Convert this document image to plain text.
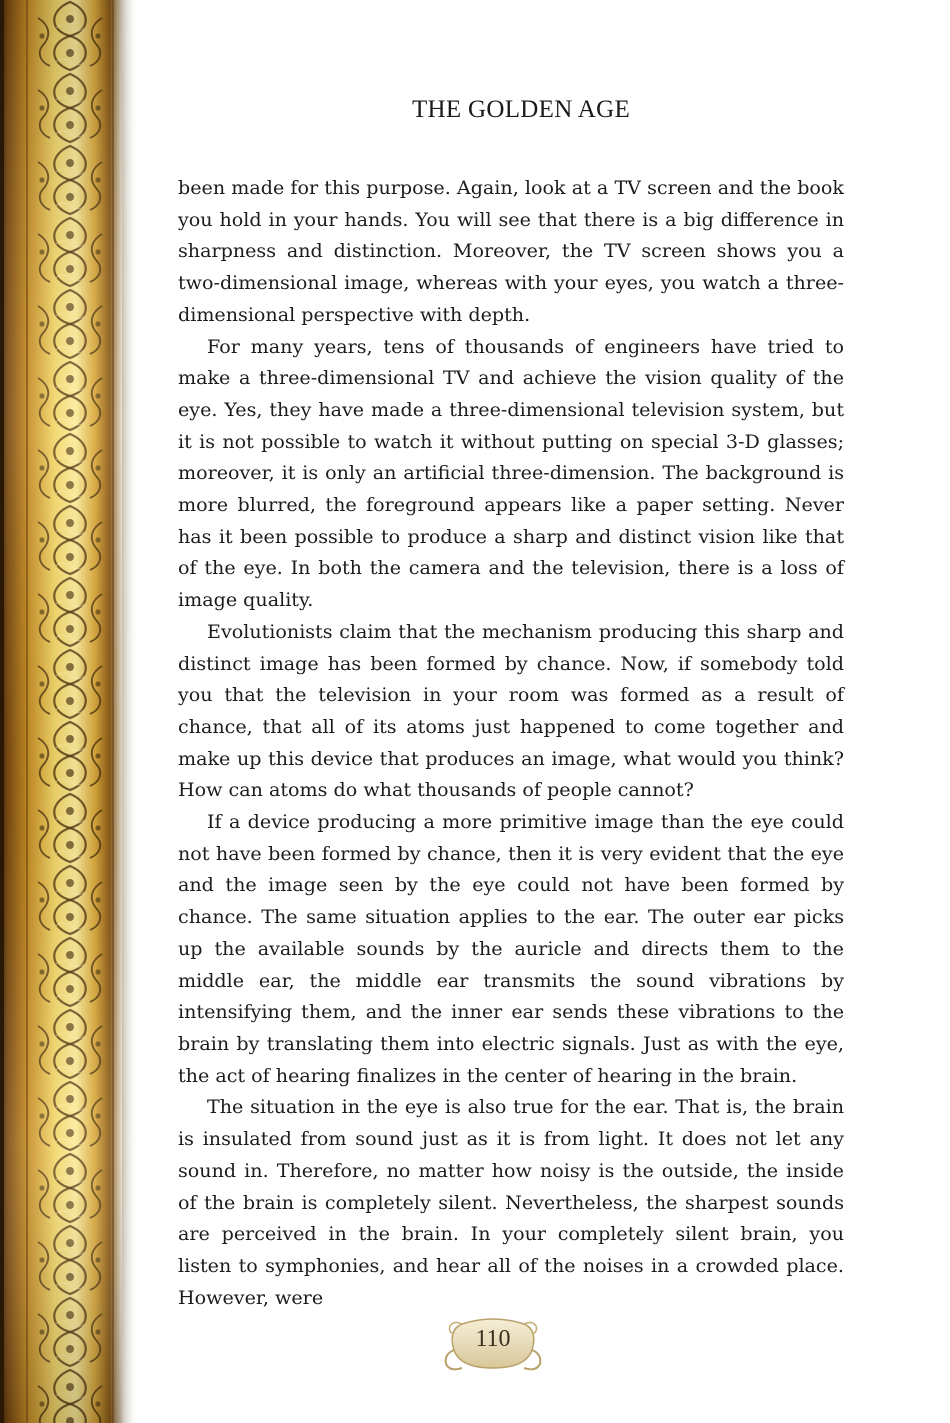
THE GOLDEN AGE

been made for this purpose. Again, look at a TV screen and the book you hold in your hands. You will see that there is a big difference in sharpness and distinction. Moreover, the TV screen shows you a two-dimensional image, whereas with your eyes, you watch a three-dimensional perspective with depth.

For many years, tens of thousands of engineers have tried to make a three-dimensional TV and achieve the vision quality of the eye. Yes, they have made a three-dimensional television system, but it is not possible to watch it without putting on special 3-D glasses; moreover, it is only an artificial three-dimension. The background is more blurred, the foreground appears like a paper setting. Never has it been possible to produce a sharp and distinct vision like that of the eye. In both the camera and the television, there is a loss of image quality.

Evolutionists claim that the mechanism producing this sharp and distinct image has been formed by chance. Now, if somebody told you that the television in your room was formed as a result of chance, that all of its atoms just happened to come together and make up this device that produces an image, what would you think? How can atoms do what thousands of people cannot?

If a device producing a more primitive image than the eye could not have been formed by chance, then it is very evident that the eye and the image seen by the eye could not have been formed by chance. The same situation applies to the ear. The outer ear picks up the available sounds by the auricle and directs them to the middle ear, the middle ear transmits the sound vibrations by intensifying them, and the inner ear sends these vibrations to the brain by translating them into electric signals. Just as with the eye, the act of hearing finalizes in the center of hearing in the brain.

The situation in the eye is also true for the ear. That is, the brain is insulated from sound just as it is from light. It does not let any sound in. Therefore, no matter how noisy is the outside, the inside of the brain is completely silent. Nevertheless, the sharpest sounds are perceived in the brain. In your completely silent brain, you listen to symphonies, and hear all of the noises in a crowded place. However, were

110
